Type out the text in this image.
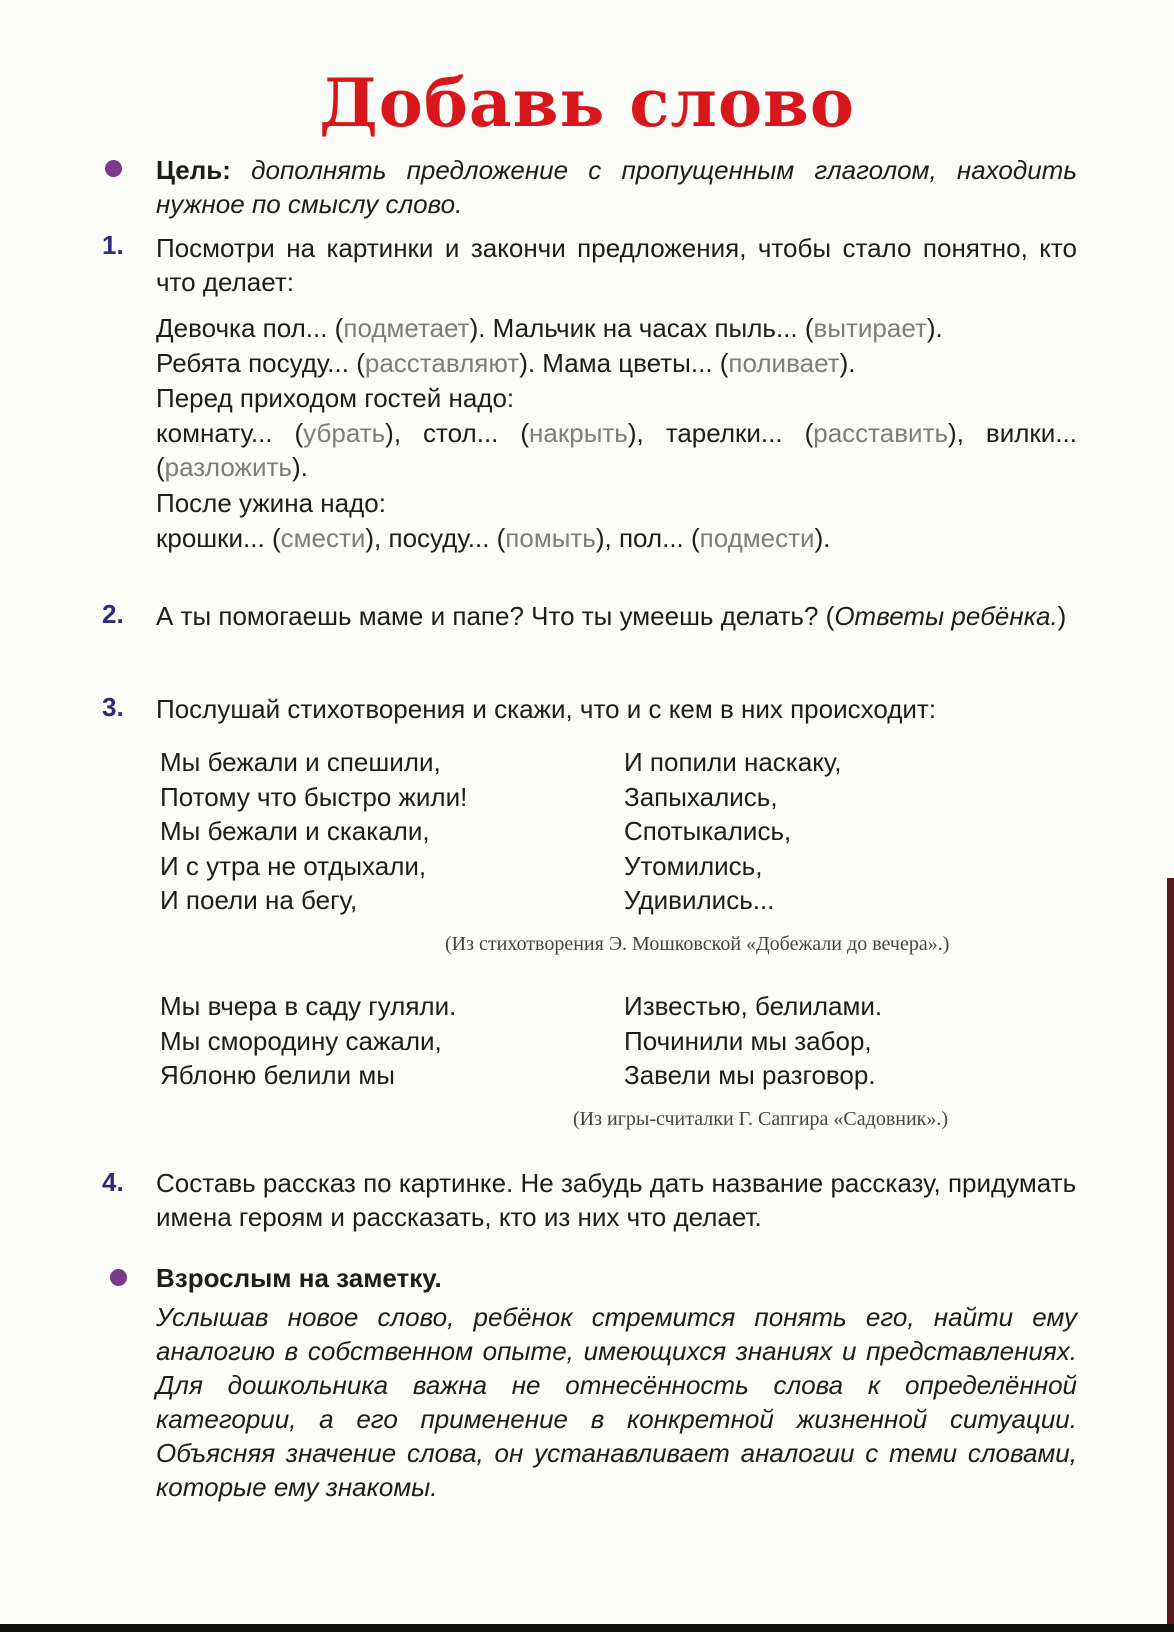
Добавь слово
Цель: дополнять предложение с пропущенным глаголом, находить нужное по смыслу слово.
1. Посмотри на картинки и закончи предложения, чтобы стало понятно, кто что делает:
Девочка пол... (подметает). Мальчик на часах пыль... (вытирает).
Ребята посуду... (расставляют). Мама цветы... (поливает).
Перед приходом гостей надо:
комнату... (убрать), стол... (накрыть), тарелки... (расставить), вилки... (разложить).
После ужина надо:
крошки... (смести), посуду... (помыть), пол... (подмести).
2. А ты помогаешь маме и папе? Что ты умеешь делать? (Ответы ребёнка.)
3. Послушай стихотворения и скажи, что и с кем в них происходит:
Мы бежали и спешили,
Потому что быстро жили!
Мы бежали и скакали,
И с утра не отдыхали,
И поели на бегу,
И попили наскаку,
Запыхались,
Спотыкались,
Утомились,
Удивились...
(Из стихотворения Э. Мошковской «Добежали до вечера».)
Мы вчера в саду гуляли.
Мы смородину сажали,
Яблоню белили мы
Известью, белилами.
Починили мы забор,
Завели мы разговор.
(Из игры-считалки Г. Сапгира «Садовник».)
4. Составь рассказ по картинке. Не забудь дать название рассказу, придумать имена героям и рассказать, кто из них что делает.
Взрослым на заметку.
Услышав новое слово, ребёнок стремится понять его, найти ему аналогию в собственном опыте, имеющихся знаниях и представлениях. Для дошкольника важна не отнесённость слова к определённой категории, а его применение в конкретной жизненной ситуации. Объясняя значение слова, он устанавливает аналогии с теми словами, которые ему знакомы.
